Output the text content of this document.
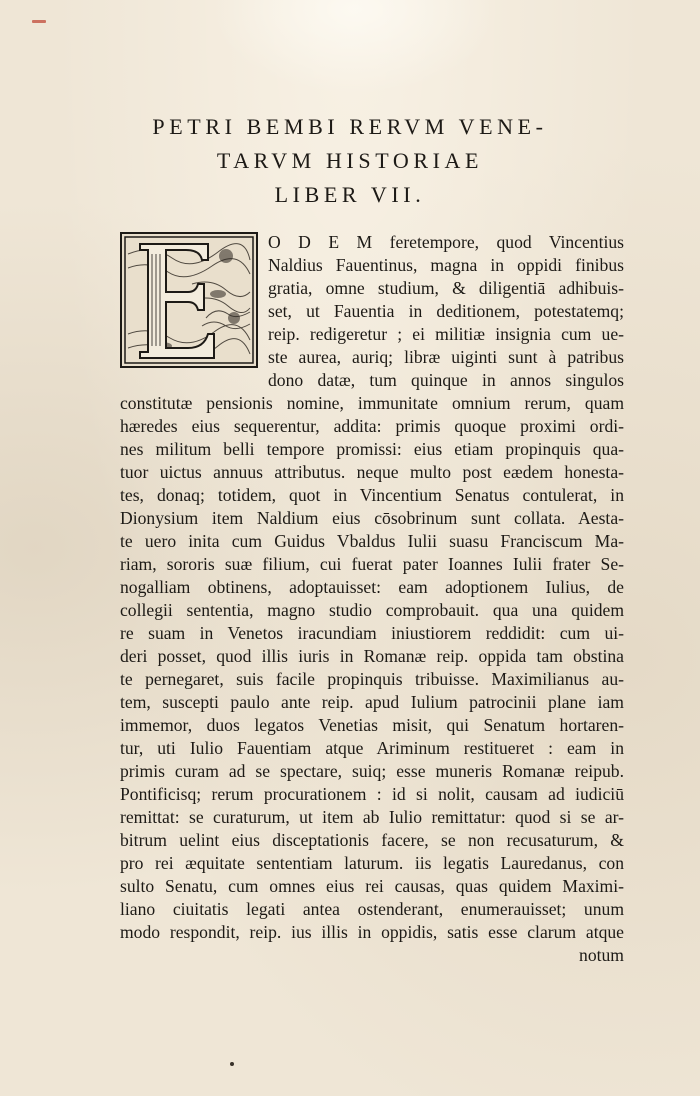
PETRI BEMBI RERVM VENE-
TARVM HISTORIAE
LIBER VII.
O D E M feretempore, quod Vincentius
Naldius Fauentinus, magna in oppidi finibus
gratia, omne studium, & diligentiā adhibuis-
set, ut Fauentia in deditionem, potestatemq;
reip. redigeretur ; ei militiæ insignia cum ue-
ste aurea, auriq; libræ uiginti sunt à patribus
dono datæ, tum quinque in annos singulos
constitutæ pensionis nomine, immunitate omnium rerum, quam
hæredes eius sequerentur, addita: primis quoque proximi ordi-
nes militum belli tempore promissi: eius etiam propinquis qua-
tuor uictus annuus attributus. neque multo post eædem honesta-
tes, donaq; totidem, quot in Vincentium Senatus contulerat, in
Dionysium item Naldium eius cōsobrinum sunt collata. Aesta-
te uero inita cum Guidus Vbaldus Iulii suasu Franciscum Ma-
riam, sororis suæ filium, cui fuerat pater Ioannes Iulii frater Se-
nogalliam obtinens, adoptauisset: eam adoptionem Iulius, de
collegii sententia, magno studio comprobauit. qua una quidem
re suam in Venetos iracundiam iniustiorem reddidit: cum ui-
deri posset, quod illis iuris in Romanæ reip. oppida tam obstina
te pernegaret, suis facile propinquis tribuisse. Maximilianus au-
tem, suscepti paulo ante reip. apud Iulium patrocinii plane iam
immemor, duos legatos Venetias misit, qui Senatum hortaren-
tur, uti Iulio Fauentiam atque Ariminum restitueret : eam in
primis curam ad se spectare, suiq; esse muneris Romanæ reipub.
Pontificisq; rerum procurationem : id si nolit, causam ad iudiciū
remittat: se curaturum, ut item ab Iulio remittatur: quod si se ar-
bitrum uelint eius disceptationis facere, se non recusaturum, &
pro rei æquitate sententiam laturum. iis legatis Lauredanus, con
sulto Senatu, cum omnes eius rei causas, quas quidem Maximi-
liano ciuitatis legati antea ostenderant, enumerauisset; unum
modo respondit, reip. ius illis in oppidis, satis esse clarum atque
notum
